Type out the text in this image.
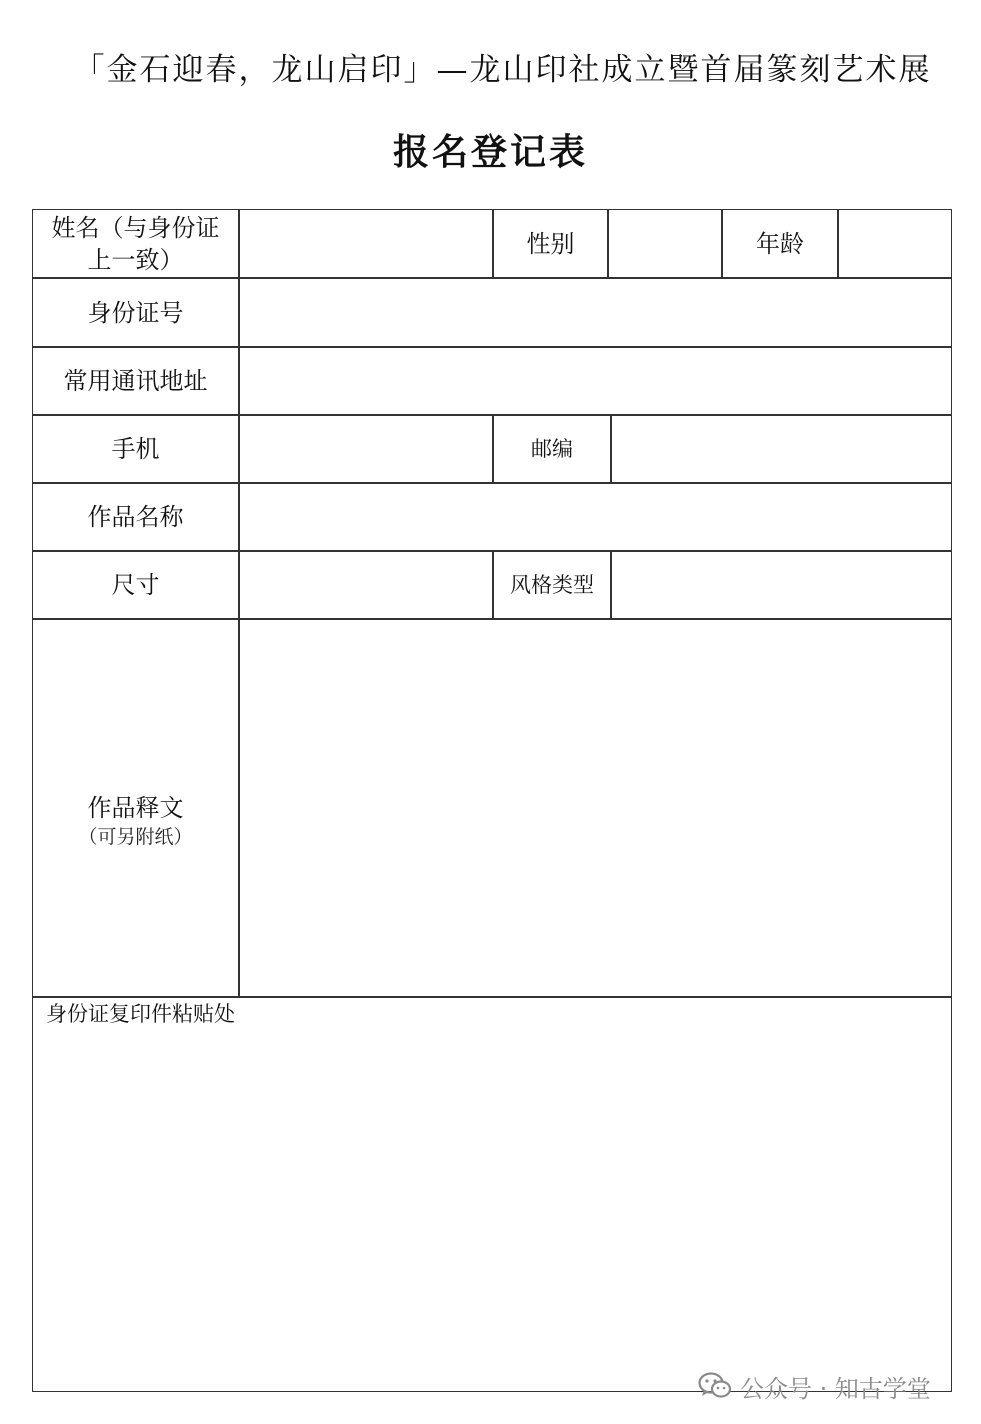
「金石迎春，龙山启印」—龙山印社成立暨首届篆刻艺术展
报名登记表
姓名（与身份证
上一致）
性别	年龄
身份证号
常用通讯地址
手机	邮编
作品名称
尺寸	风格类型
作品释文
（可另附纸）
身份证复印件粘贴处
公众号 · 知古学堂
